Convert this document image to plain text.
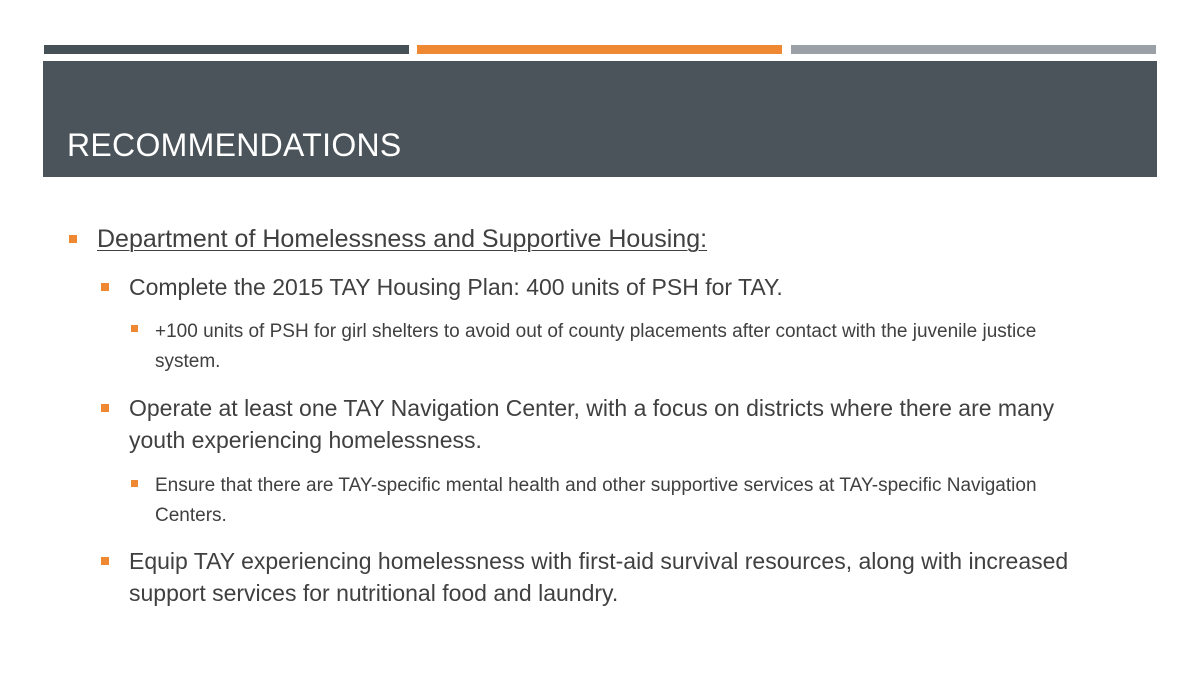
RECOMMENDATIONS
Department of Homelessness and Supportive Housing:
Complete the 2015 TAY Housing Plan: 400 units of PSH for TAY.
+100 units of PSH for girl shelters to avoid out of county placements after contact with the juvenile justice system.
Operate at least one TAY Navigation Center, with a focus on districts where there are many youth experiencing homelessness.
Ensure that there are TAY-specific mental health and other supportive services at TAY-specific Navigation Centers.
Equip TAY experiencing homelessness with first-aid survival resources, along with increased support services for nutritional food and laundry.
